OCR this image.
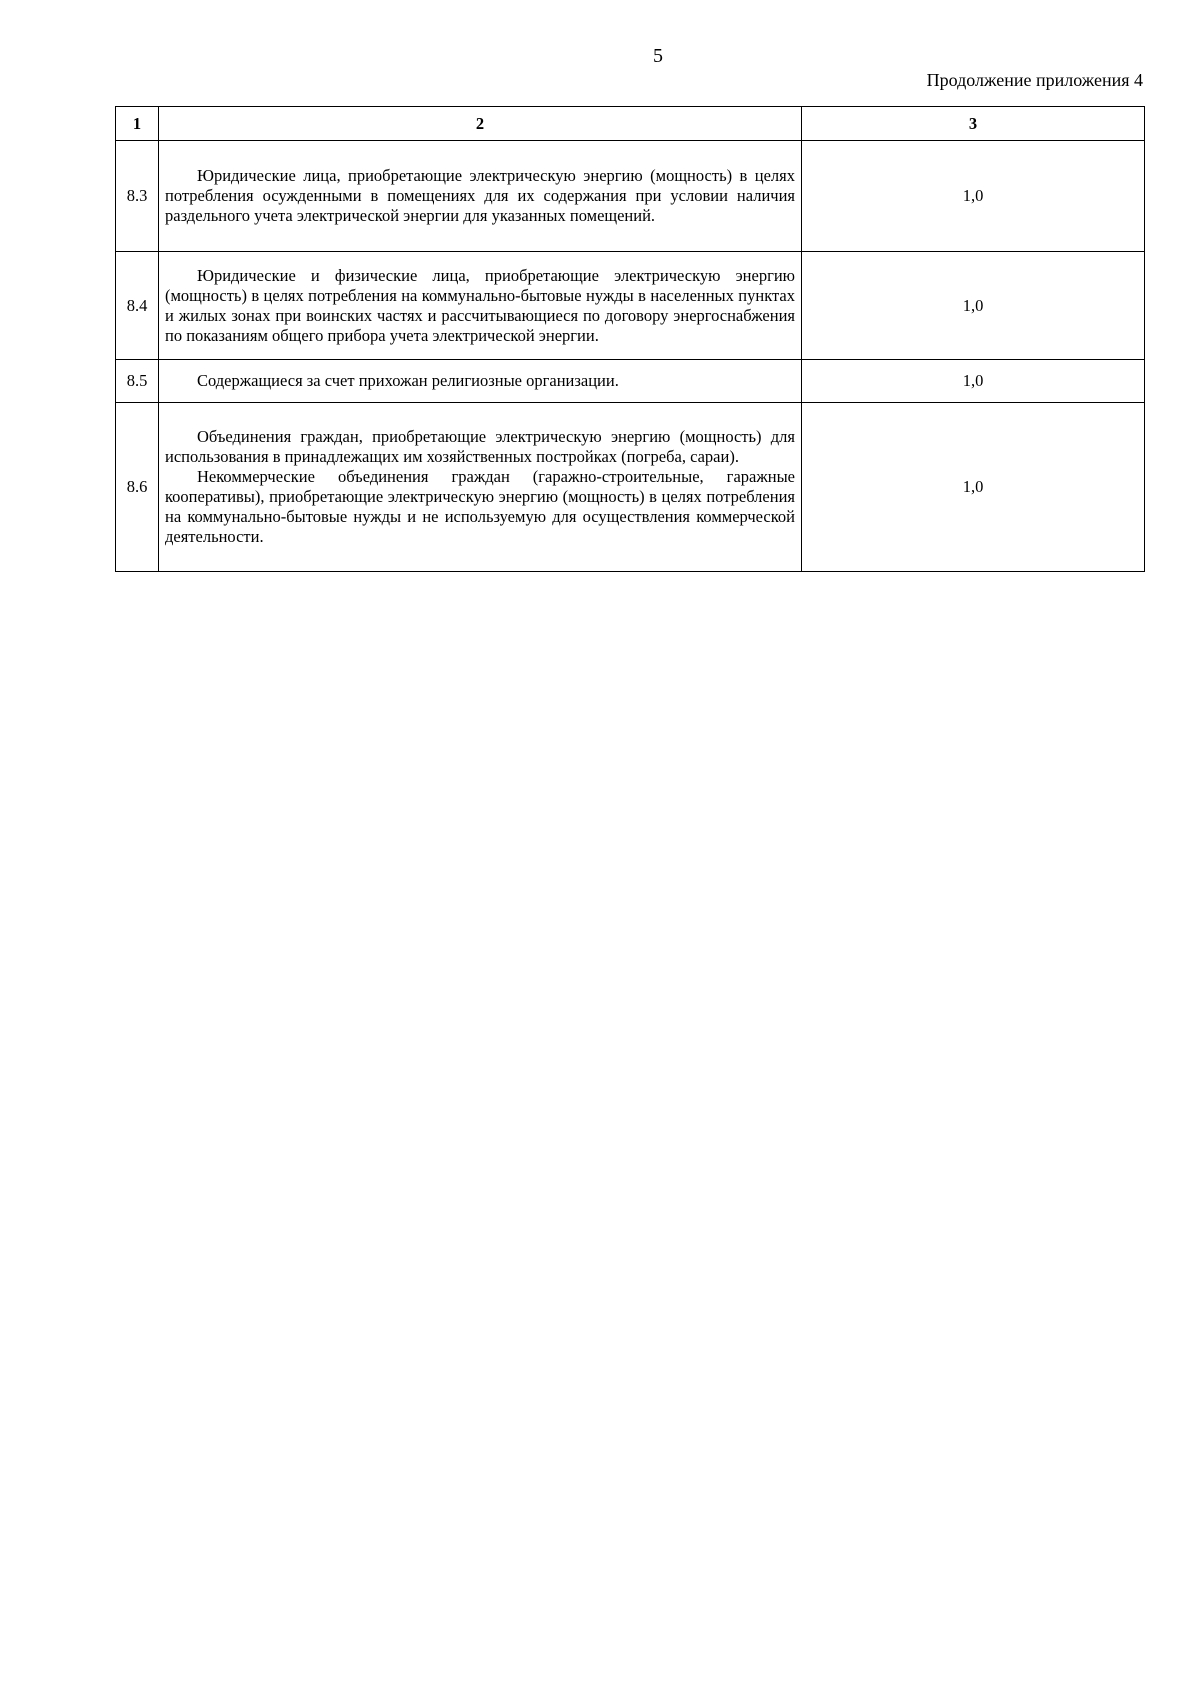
5
Продолжение приложения 4
1	2	3
8.3	Юридические лица, приобретающие электрическую энергию (мощность) в целях потребления осужденными в помещениях для их содержания при условии наличия раздельного учета электрической энергии для указанных помещений.	1,0
8.4	Юридические и физические лица, приобретающие электрическую энергию (мощность) в целях потребления на коммунально-бытовые нужды в населенных пунктах и жилых зонах при воинских частях и рассчитывающиеся по договору энергоснабжения по показаниям общего прибора учета электрической энергии.	1,0
8.5	Содержащиеся за счет прихожан религиозные организации.	1,0
8.6	Объединения граждан, приобретающие электрическую энергию (мощность) для использования в принадлежащих им хозяйственных постройках (погреба, сараи).

Некоммерческие объединения граждан (гаражно-строительные, гаражные кооперативы), приобретающие электрическую энергию (мощность) в целях потребления на коммунально-бытовые нужды и не используемую для осуществления коммерческой деятельности.	1,0
